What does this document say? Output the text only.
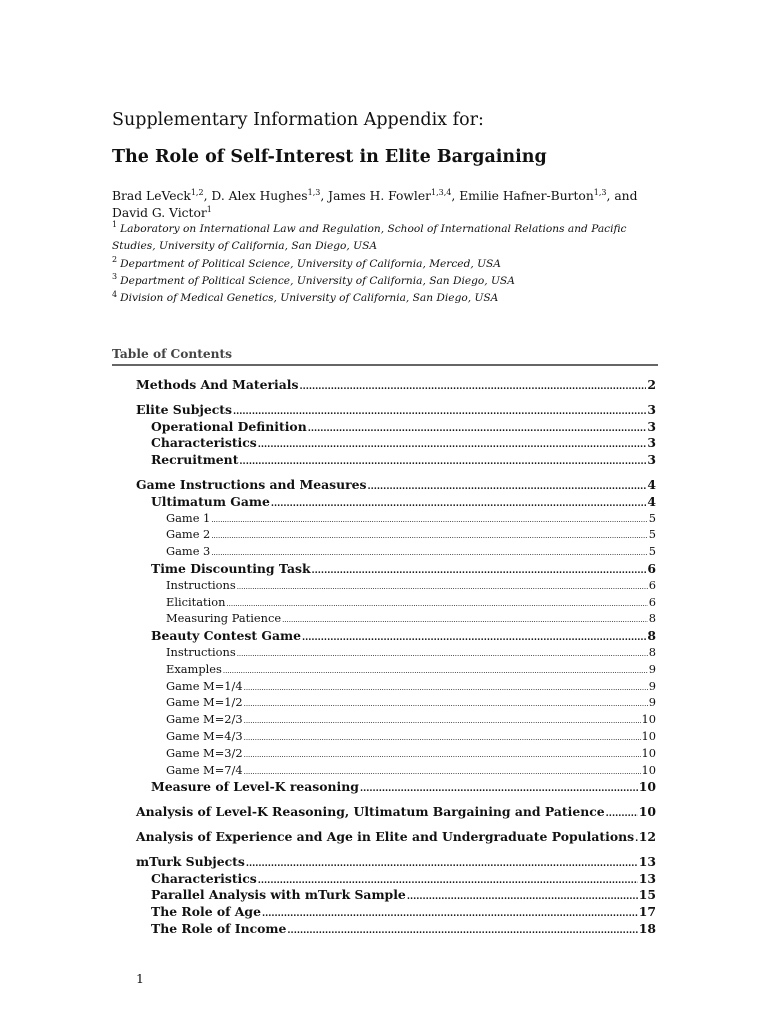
Supplementary Information Appendix for:
The Role of Self-Interest in Elite Bargaining
Brad LeVeck$^{1,2}$, D. Alex Hughes$^{1,3}$, James H. Fowler$^{1,3,4}$, Emilie Hafner-Burton$^{1,3}$, and David G. Victor$^1$
$^1$ Laboratory on International Law and Regulation, School of International Relations and Pacific Studies, University of California, San Diego, USA
$^2$ Department of Political Science, University of California, Merced, USA
$^3$ Department of Political Science, University of California, San Diego, USA
$^4$ Division of Medical Genetics, University of California, San Diego, USA
Table of Contents
Methods And Materials .....	2
Elite Subjects .....	3
Operational Definition .....	3
Characteristics .....	3
Recruitment .....	3
Game Instructions and Measures .....	4
Ultimatum Game .....	4
Game 1 .....	5
Game 2 .....	5
Game 3 .....	5
Time Discounting Task .....	6
Instructions .....	6
Elicitation .....	6
Measuring Patience .....	8
Beauty Contest Game .....	8
Instructions .....	8
Examples .....	9
Game M=1/4 .....	9
Game M=1/2 .....	9
Game M=2/3 .....	10
Game M=4/3 .....	10
Game M=3/2 .....	10
Game M=7/4 .....	10
Measure of Level-K reasoning .....	10
Analysis of Level-K Reasoning, Ultimatum Bargaining and Patience .....	10
Analysis of Experience and Age in Elite and Undergraduate Populations ..... 12
mTurk Subjects .....	13
Characteristics .....	13
Parallel Analysis with mTurk Sample .....	15
The Role of Age .....	17
The Role of Income .....	18
1
